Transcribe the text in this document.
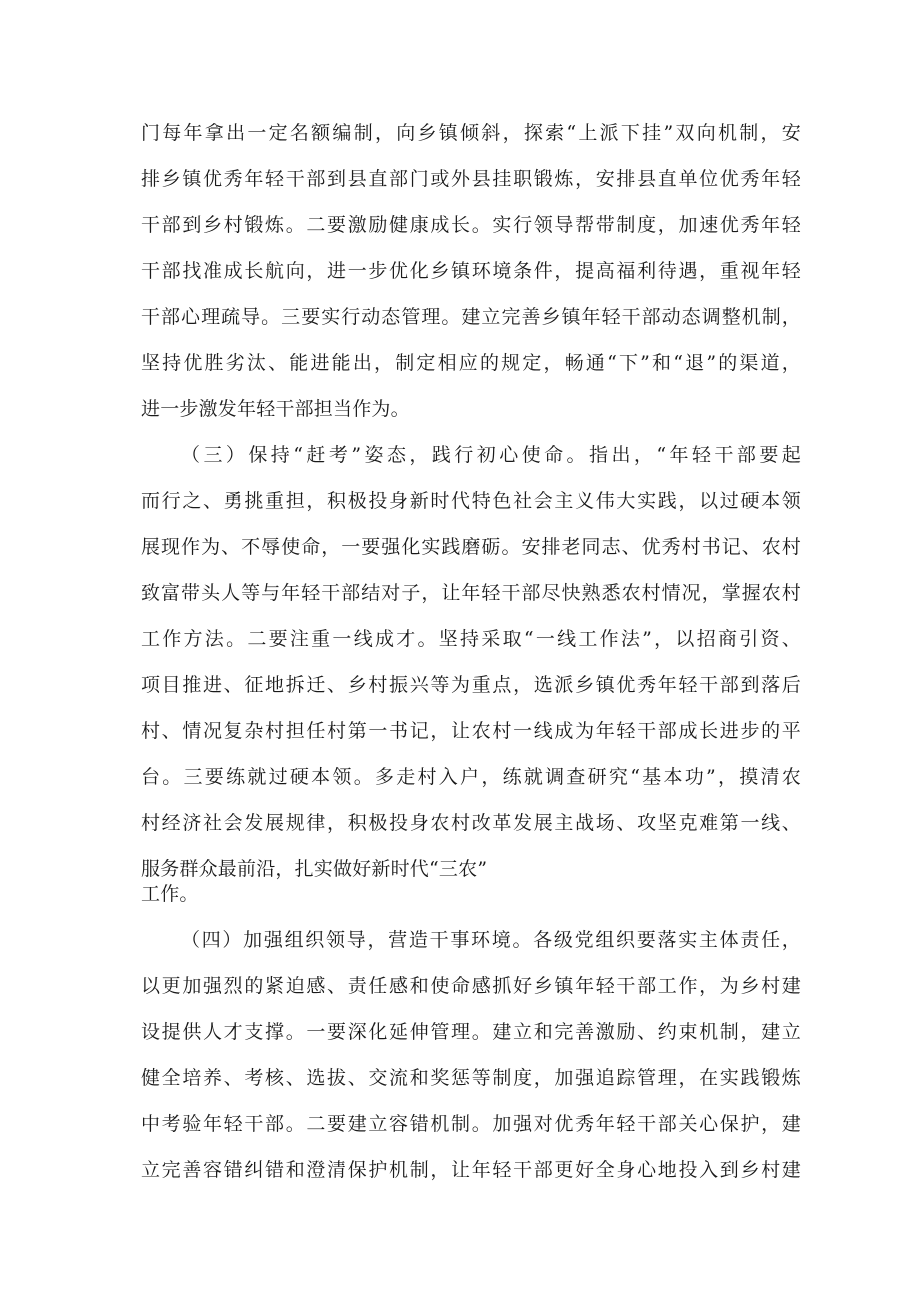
门每年拿出一定名额编制，向乡镇倾斜，探索“上派下挂”双向机制，安
排乡镇优秀年轻干部到县直部门或外县挂职锻炼，安排县直单位优秀年轻
干部到乡村锻炼。二要激励健康成长。实行领导帮带制度，加速优秀年轻
干部找准成长航向，进一步优化乡镇环境条件，提高福利待遇，重视年轻
干部心理疏导。三要实行动态管理。建立完善乡镇年轻干部动态调整机制，
坚持优胜劣汰、能进能出，制定相应的规定，畅通“下”和“退”的渠道，
进一步激发年轻干部担当作为。
（三）保持“赶考”姿态，践行初心使命。指出，“年轻干部要起
而行之、勇挑重担，积极投身新时代特色社会主义伟大实践，以过硬本领
展现作为、不辱使命，一要强化实践磨砺。安排老同志、优秀村书记、农村
致富带头人等与年轻干部结对子，让年轻干部尽快熟悉农村情况，掌握农村
工作方法。二要注重一线成才。坚持采取“一线工作法”，以招商引资、
项目推进、征地拆迁、乡村振兴等为重点，选派乡镇优秀年轻干部到落后
村、情况复杂村担任村第一书记，让农村一线成为年轻干部成长进步的平
台。三要练就过硬本领。多走村入户，练就调查研究“基本功”，摸清农
村经济社会发展规律，积极投身农村改革发展主战场、攻坚克难第一线、
服务群众最前沿，扎实做好新时代“三农”
工作。
（四）加强组织领导，营造干事环境。各级党组织要落实主体责任，
以更加强烈的紧迫感、责任感和使命感抓好乡镇年轻干部工作，为乡村建
设提供人才支撑。一要深化延伸管理。建立和完善激励、约束机制，建立
健全培养、考核、选拔、交流和奖惩等制度，加强追踪管理，在实践锻炼
中考验年轻干部。二要建立容错机制。加强对优秀年轻干部关心保护，建
立完善容错纠错和澄清保护机制，让年轻干部更好全身心地投入到乡村建
